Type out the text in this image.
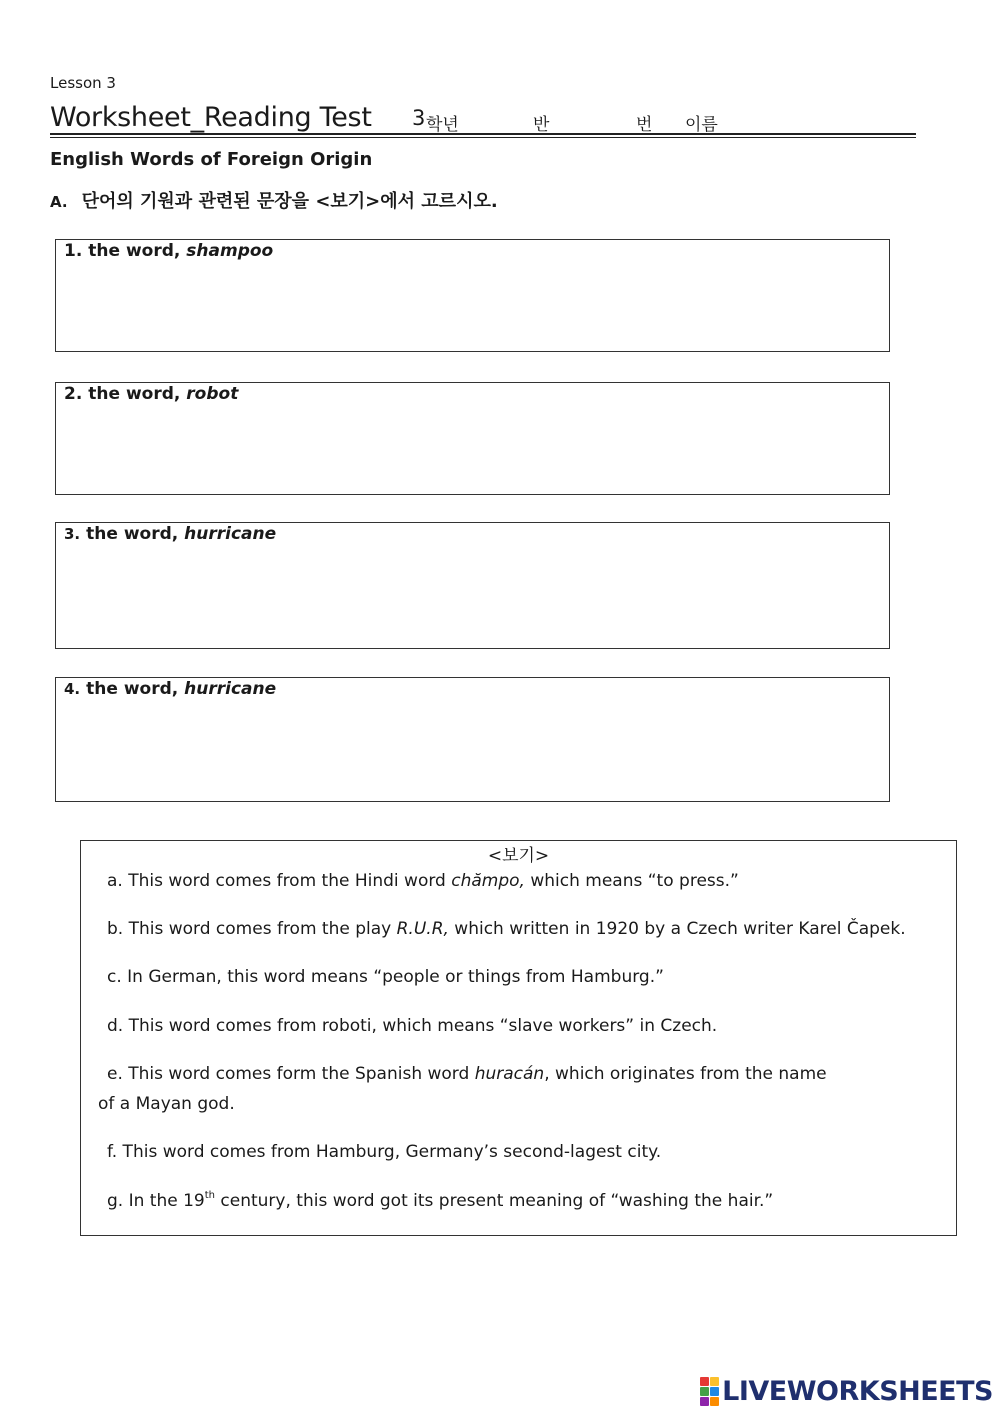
Lesson 3
Worksheet_Reading Test 3 학년	반	번 이름
English Words of Foreign Origin
A. 단어의 기원과 관련된 문장을 <보기>에서 고르시오.
1. the word, shampoo
2. the word, robot
3. the word, hurricane
4. the word, hurricane
<보기>
a. This word comes from the Hindi word chămpo, which means “to press.”
b. This word comes from the play R.U.R, which written in 1920 by a Czech writer Karel Čapek.
c. In German, this word means “people or things from Hamburg.”
d. This word comes from roboti, which means “slave workers” in Czech.
e. This word comes form the Spanish word huracán, which originates from the name
of a Mayan god.
f. This word comes from Hamburg, Germany’s second-lagest city.
g. In the 19th century, this word got its present meaning of “washing the hair.”
LIVEWORKSHEETS
